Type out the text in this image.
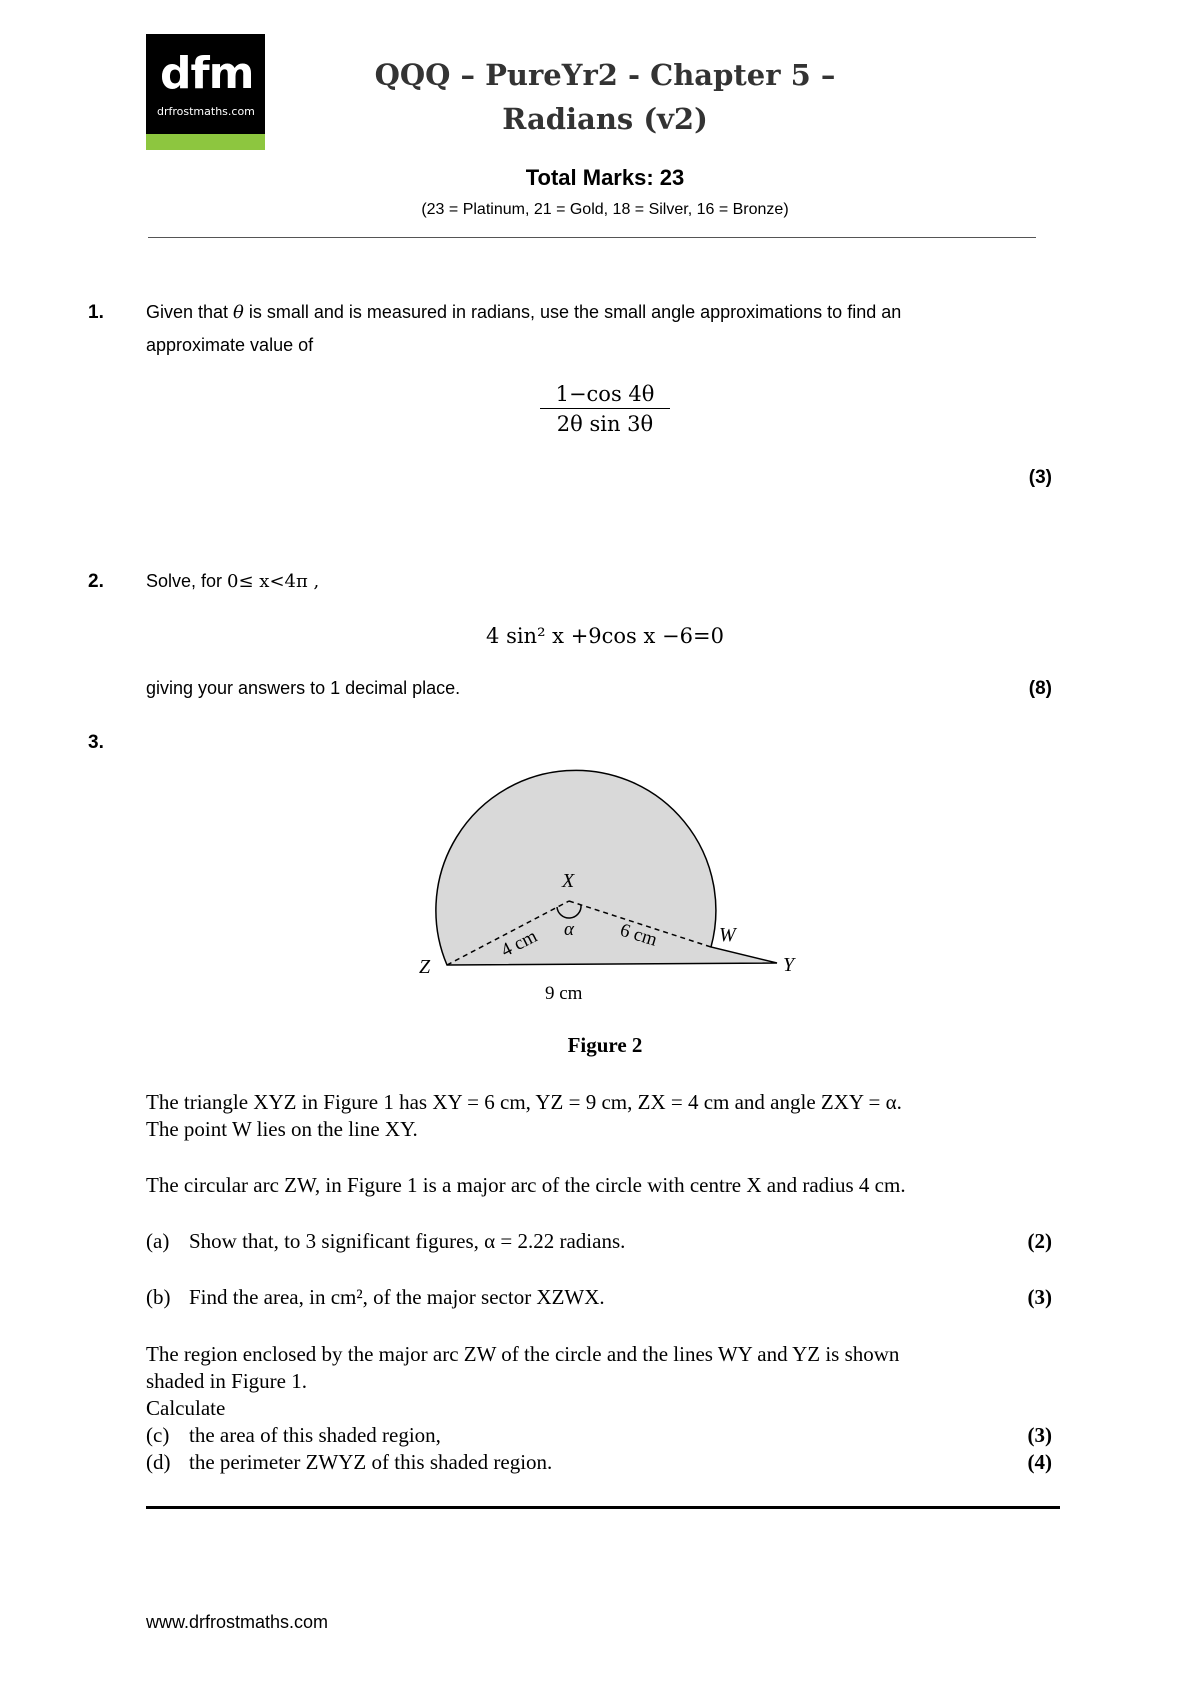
dfm
drfrostmaths.com
QQQ – PureYr2 - Chapter 5 –
Radians (v2)
Total Marks: 23
(23 = Platinum, 21 = Gold, 18 = Silver, 16 = Bronze)
1. Given that θ is small and is measured in radians, use the small angle approximations to find an
approximate value of
$\frac{1-\cos 4\theta}{\text{2θ sin 3θ}}$
(3)
2. Solve, for 0≤ x<4π ,
4 sin² x +9cos x −6=0
giving your answers to 1 decimal place.	(8)
3.
X
α	W
Y
Z
4 cm	6 cm
9 cm
Figure 2
The triangle XYZ in Figure 1 has XY = 6 cm, YZ = 9 cm, ZX = 4 cm and angle ZXY = α.
The point W lies on the line XY.
The circular arc ZW, in Figure 1 is a major arc of the circle with centre X and radius 4 cm.
(a) Show that, to 3 significant figures, α = 2.22 radians.	(2)
(b) Find the area, in cm², of the major sector XZWX.	(3)
The region enclosed by the major arc ZW of the circle and the lines WY and YZ is shown
shaded in Figure 1.
Calculate
(c) the area of this shaded region,	(3)
(d) the perimeter ZWYZ of this shaded region.	(4)
www.drfrostmaths.com
